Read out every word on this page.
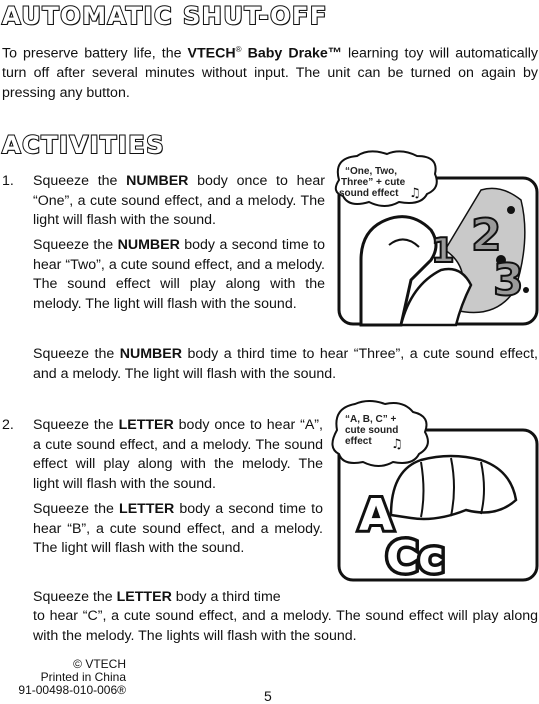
AUTOMATIC SHUT-OFF

To preserve battery life, the VTECH® Baby Drake™ learning toy will automatically turn off after several minutes without input. The unit can be turned on again by pressing any button.

ACTIVITIES
1. Squeeze the NUMBER body once to hear “One”, a cute sound effect, and a melody. The light will flash with the sound.

Squeeze the NUMBER body a second time to hear “Two”, a cute sound effect, and a melody. The sound effect will play along with the melody. The light will flash with the sound.

Squeeze the NUMBER body a third time to hear “Three”, a cute sound effect, and a melody. The light will flash with the sound.

1 2
3
“One, Two, Three” + cute sound effect ♫
2. Squeeze the LETTER body once to hear “A”, a cute sound effect, and a melody. The sound effect will play along with the melody. The light will flash with the sound.

Squeeze the LETTER body a second time to hear “B”, a cute sound effect, and a melody. The light will flash with the sound.

Squeeze the LETTER body a third time

to hear “C”, a cute sound effect, and a melody. The sound effect will play along with the melody. The lights will flash with the sound.

A
Cc
“A, B, C” + cute sound effect	♫
© VTECH
Printed in China
91-00498-010-006®	5
